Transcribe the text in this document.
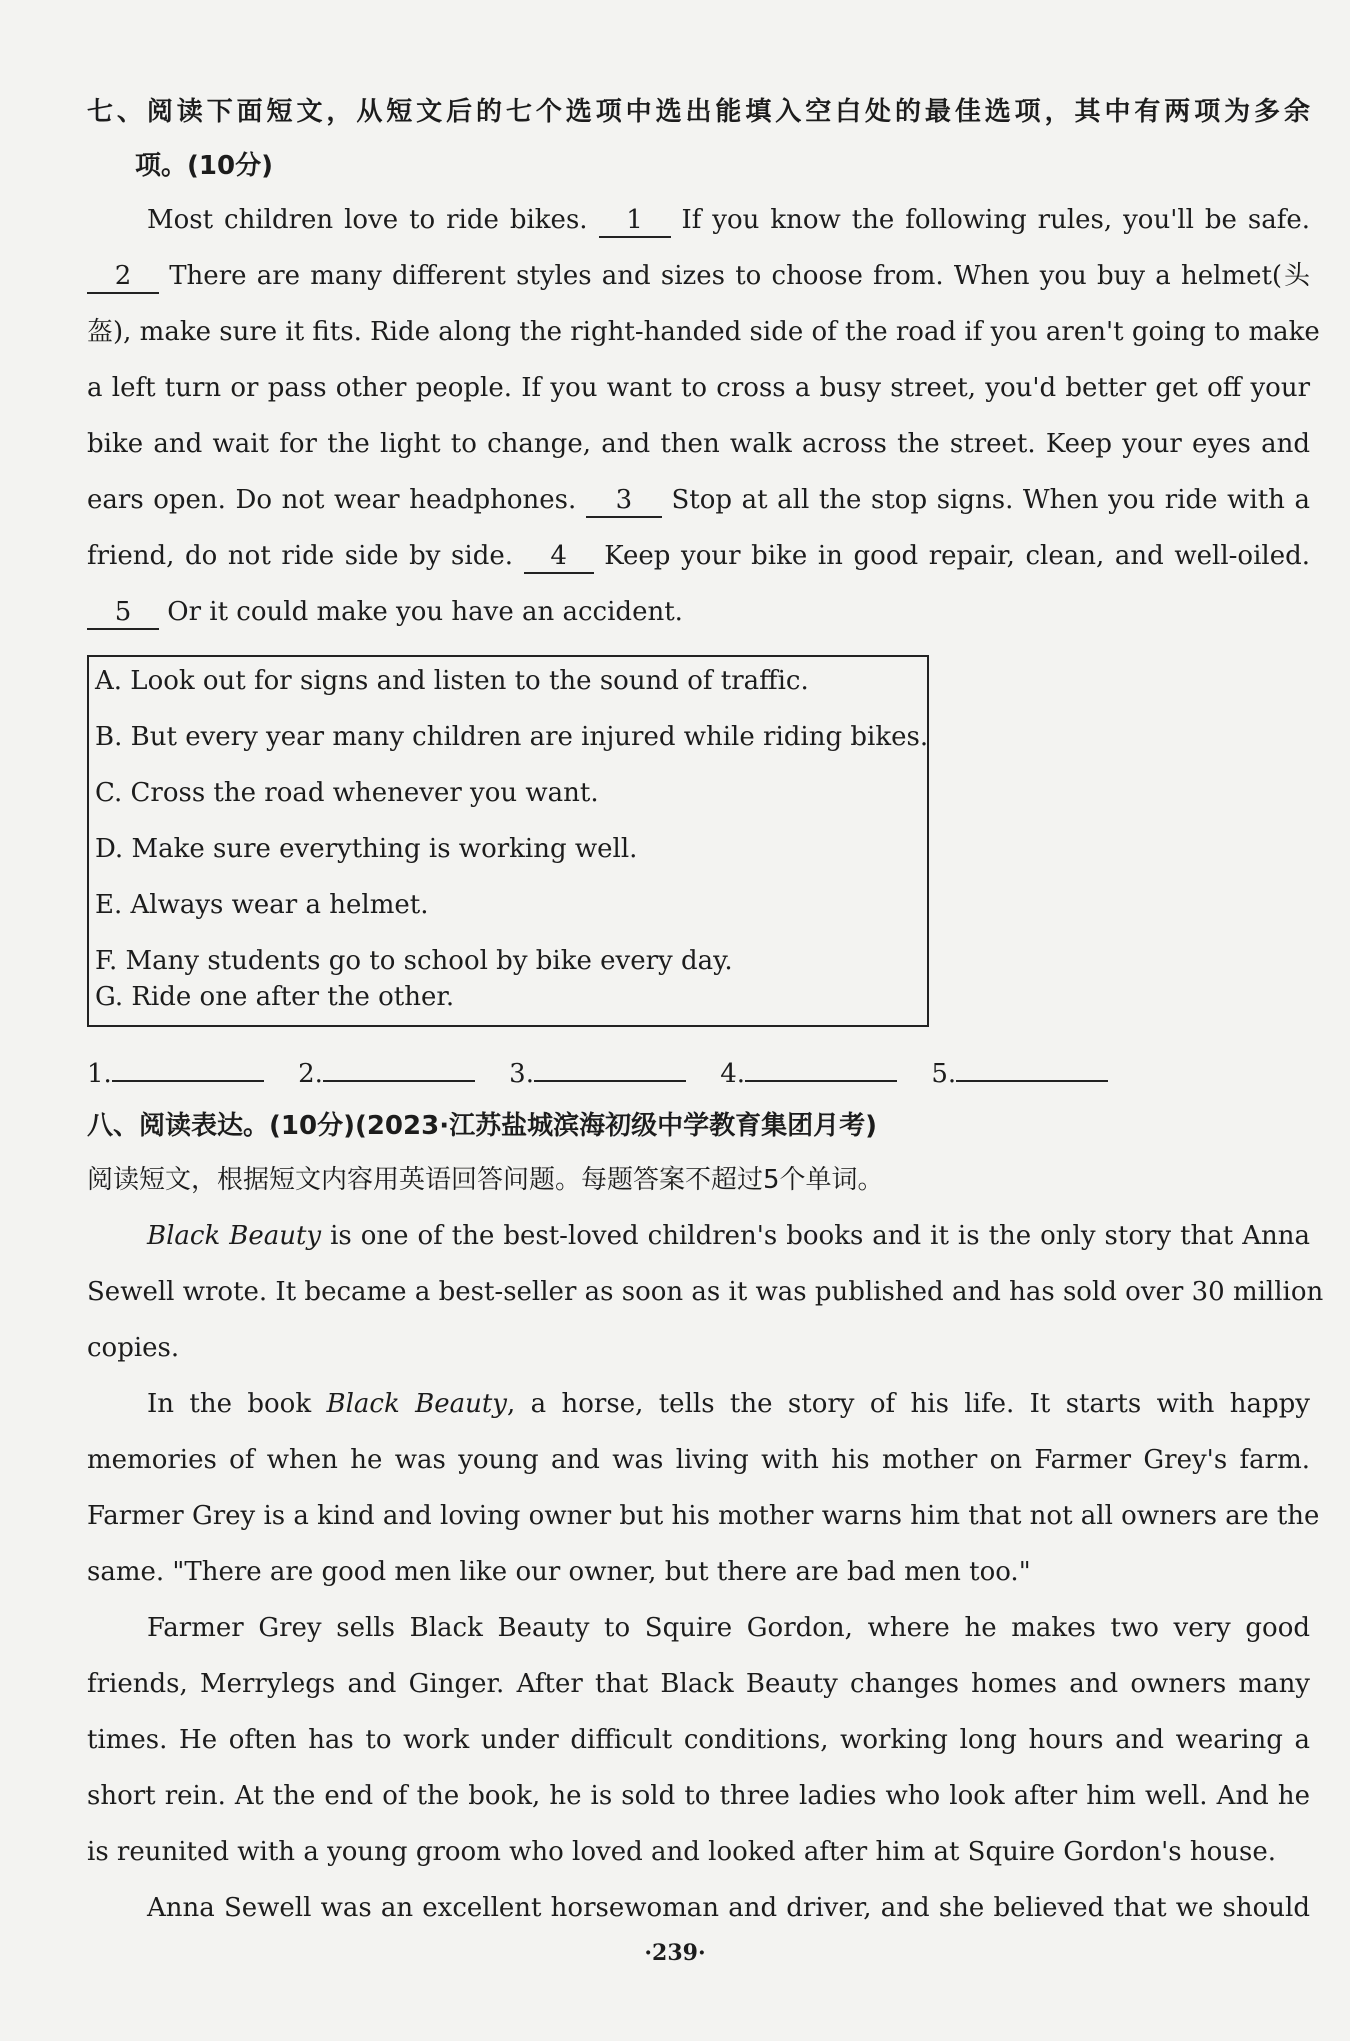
七、阅读下面短文，从短文后的七个选项中选出能填入空白处的最佳选项，其中有两项为多余
项。(10分)
Most children love to ride bikes. 1 If you know the following rules, you'll be safe.
2 There are many different styles and sizes to choose from. When you buy a helmet(头
盔), make sure it fits. Ride along the right-handed side of the road if you aren't going to make
a left turn or pass other people. If you want to cross a busy street, you'd better get off your
bike and wait for the light to change, and then walk across the street. Keep your eyes and
ears open. Do not wear headphones. 3 Stop at all the stop signs. When you ride with a
friend, do not ride side by side. 4 Keep your bike in good repair, clean, and well-oiled.
5 Or it could make you have an accident.
A. Look out for signs and listen to the sound of traffic.
B. But every year many children are injured while riding bikes.
C. Cross the road whenever you want.
D. Make sure everything is working well.
E. Always wear a helmet.
F. Many students go to school by bike every day.
G. Ride one after the other.
1.	2.	3.	4.	5.
八、阅读表达。(10分)(2023·江苏盐城滨海初级中学教育集团月考)
阅读短文，根据短文内容用英语回答问题。每题答案不超过5个单词。
Black Beauty is one of the best-loved children's books and it is the only story that Anna
Sewell wrote. It became a best-seller as soon as it was published and has sold over 30 million
copies.
In the book Black Beauty, a horse, tells the story of his life. It starts with happy
memories of when he was young and was living with his mother on Farmer Grey's farm.
Farmer Grey is a kind and loving owner but his mother warns him that not all owners are the
same. "There are good men like our owner, but there are bad men too."
Farmer Grey sells Black Beauty to Squire Gordon, where he makes two very good
friends, Merrylegs and Ginger. After that Black Beauty changes homes and owners many
times. He often has to work under difficult conditions, working long hours and wearing a
short rein. At the end of the book, he is sold to three ladies who look after him well. And he
is reunited with a young groom who loved and looked after him at Squire Gordon's house.
Anna Sewell was an excellent horsewoman and driver, and she believed that we should
·239·
